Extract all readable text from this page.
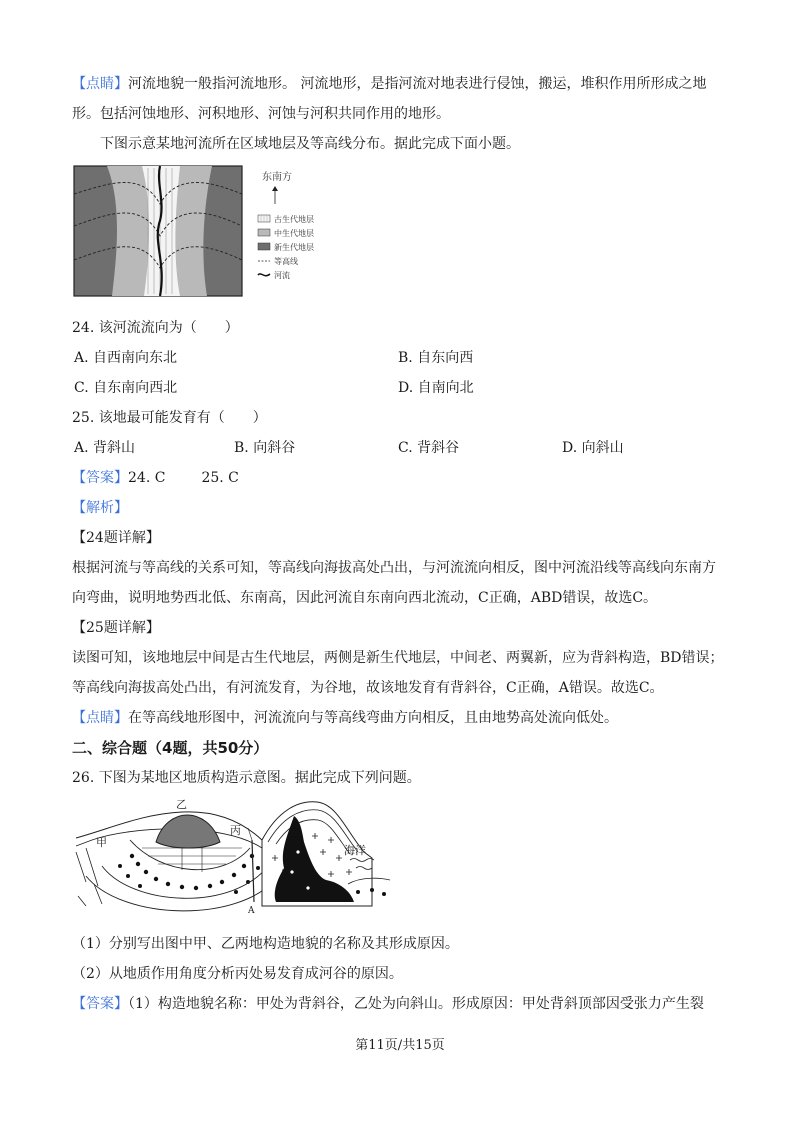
【点睛】河流地貌一般指河流地形。 河流地形，是指河流对地表进行侵蚀，搬运，堆积作用所形成之地
形。包括河蚀地形、河积地形、河蚀与河积共同作用的地形。
下图示意某地河流所在区域地层及等高线分布。据此完成下面小题。
东南方
古生代地层
中生代地层
新生代地层
等高线
河流
24. 该河流流向为（　　）
A. 自西南向东北	B. 自东向西
C. 自东南向西北	D. 自南向北
25. 该地最可能发育有（　　）
A. 背斜山	B. 向斜谷	C. 背斜谷	D. 向斜山
【答案】24. C	25. C
【解析】
【24题详解】
根据河流与等高线的关系可知，等高线向海拔高处凸出，与河流流向相反，图中河流沿线等高线向东南方
向弯曲，说明地势西北低、东南高，因此河流自东南向西北流动，C正确，ABD错误，故选C。
【25题详解】
读图可知，该地地层中间是古生代地层，两侧是新生代地层，中间老、两翼新，应为背斜构造，BD错误；
等高线向海拔高处凸出，有河流发育，为谷地，故该地发育有背斜谷，C正确，A错误。故选C。
【点睛】在等高线地形图中，河流流向与等高线弯曲方向相反，且由地势高处流向低处。
二、综合题（4题，共50分）
26. 下图为某地区地质构造示意图。据此完成下列问题。
甲
乙
丙
海洋
A
（1）分别写出图中甲、乙两地构造地貌的名称及其形成原因。
（2）从地质作用角度分析丙处易发育成河谷的原因。
【答案】（1）构造地貌名称：甲处为背斜谷，乙处为向斜山。形成原因：甲处背斜顶部因受张力产生裂
第11页/共15页
